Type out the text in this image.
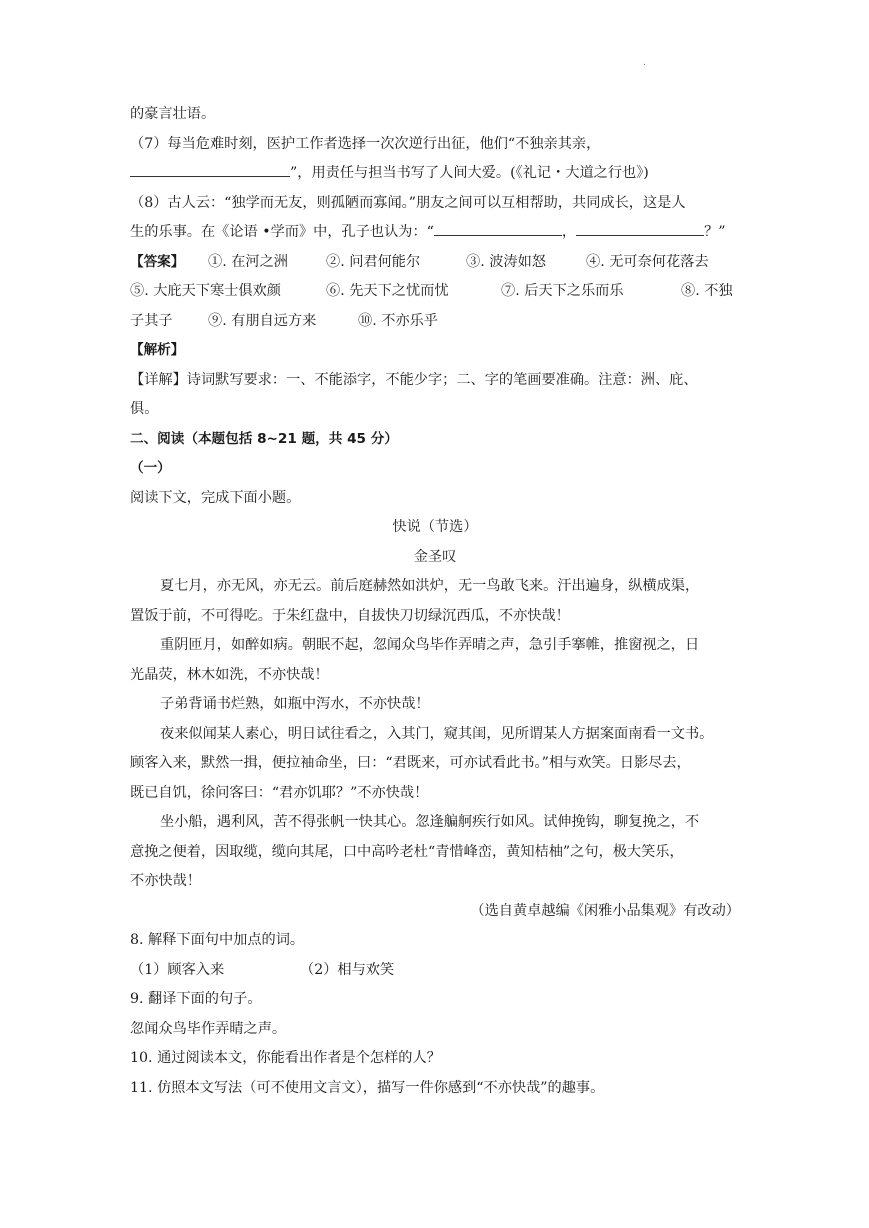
.
的豪言壮语。
（7）每当危难时刻，医护工作者选择一次次逆行出征，他们“不独亲其亲，
”，用责任与担当书写了人间大爱。(《礼记・大道之行也》)
（8）古人云：“独学而无友，则孤陋而寡闻。”朋友之间可以互相帮助，共同成长，这是人
生的乐事。在《论语 •学而》中，孔子也认为：“	，	？”
【答案】 ①. 在河之洲	②. 问君何能尔	③. 波涛如怒	④. 无可奈何花落去
⑤. 大庇天下寒士俱欢颜	⑥. 先天下之忧而忧	⑦. 后天下之乐而乐	⑧. 不独
子其子 ⑨. 有朋自远方来	⑩. 不亦乐乎
【解析】
【详解】诗词默写要求：一、不能添字，不能少字；二、字的笔画要准确。注意：洲、庇、
俱。
二、阅读（本题包括 8~21 题，共 45 分）
（一）
阅读下文，完成下面小题。
快说（节选）
金圣叹
夏七月，亦无风，亦无云。前后庭赫然如洪炉，无一鸟敢飞来。汗出遍身，纵横成渠，
置饭于前，不可得吃。于朱红盘中，自拔快刀切绿沉西瓜，不亦快哉！
重阴匝月，如醉如病。朝眠不起，忽闻众鸟毕作弄晴之声，急引手搴帷，推窗视之，日
光晶荧，林木如洗，不亦快哉！
子弟背诵书烂熟，如瓶中泻水，不亦快哉！
夜来似闻某人素心，明日试往看之，入其门，窥其闺，见所谓某人方据案面南看一文书。
顾客入来，默然一揖，便拉袖命坐，曰：“君既来，可亦试看此书。”相与欢笑。日影尽去，
既已自饥，徐问客曰：“君亦饥耶？”不亦快哉！
坐小船，遇利风，苦不得张帆一快其心。忽逢艑舸疾行如风。试伸挽钩，聊复挽之，不
意挽之便着，因取缆，缆向其尾，口中高吟老杜“青惜峰峦，黄知桔柚”之句，极大笑乐，
不亦快哉！
（选自黄卓越编《闲雅小品集观》有改动）
8. 解释下面句中加点的词。
（1）顾客入来	（2）相与欢笑
9. 翻译下面的句子。
忽闻众鸟毕作弄晴之声。
10. 通过阅读本文，你能看出作者是个怎样的人？
11. 仿照本文写法（可不使用文言文），描写一件你感到“不亦快哉”的趣事。
